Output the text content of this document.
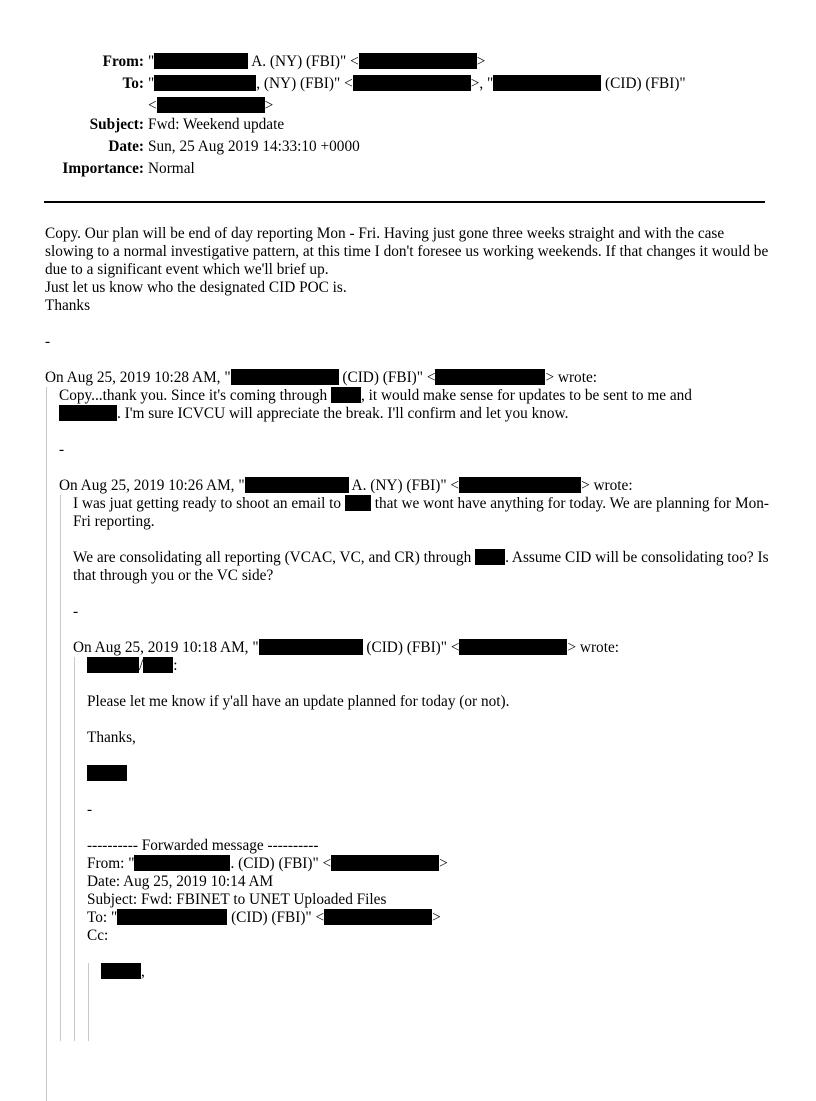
From: "	A. (NY) (FBI)" <	>
To: "	, (NY) (FBI)" <	>, "	(CID) (FBI)"
<	>
Subject: Fwd: Weekend update
Date: Sun, 25 Aug 2019 14:33:10 +0000
Importance: Normal

Copy. Our plan will be end of day reporting Mon - Fri. Having just gone three weeks straight and with the case slowing to a normal investigative pattern, at this time I don't foresee us working weekends. If that changes it would be due to a significant event which we'll brief up.

Just let us know who the designated CID POC is.

Thanks

-

On Aug 25, 2019 10:28 AM, "	(CID) (FBI)" <	> wrote:

Copy...thank you. Since it's coming through , it would make sense for updates to be sent to me and
. I'm sure ICVCU will appreciate the break. I'll confirm and let you know.

-

On Aug 25, 2019 10:26 AM, "	A. (NY) (FBI)" <	> wrote:

I was juat getting ready to shoot an email to  that we wont have anything for today. We are planning for Mon-Fri reporting.

We are consolidating all reporting (VCAC, VC, and CR) through . Assume CID will be consolidating too? Is that through you or the VC side?

-

On Aug 25, 2019 10:18 AM, "	(CID) (FBI)" <	> wrote:

/ :

Please let me know if y'all have an update planned for today (or not).

Thanks,

-

---------- Forwarded message ----------

From: "	. (CID) (FBI)" <	>

Date: Aug 25, 2019 10:14 AM

Subject: Fwd: FBINET to UNET Uploaded Files

To: "	(CID) (FBI)" <	>

Cc:

,
